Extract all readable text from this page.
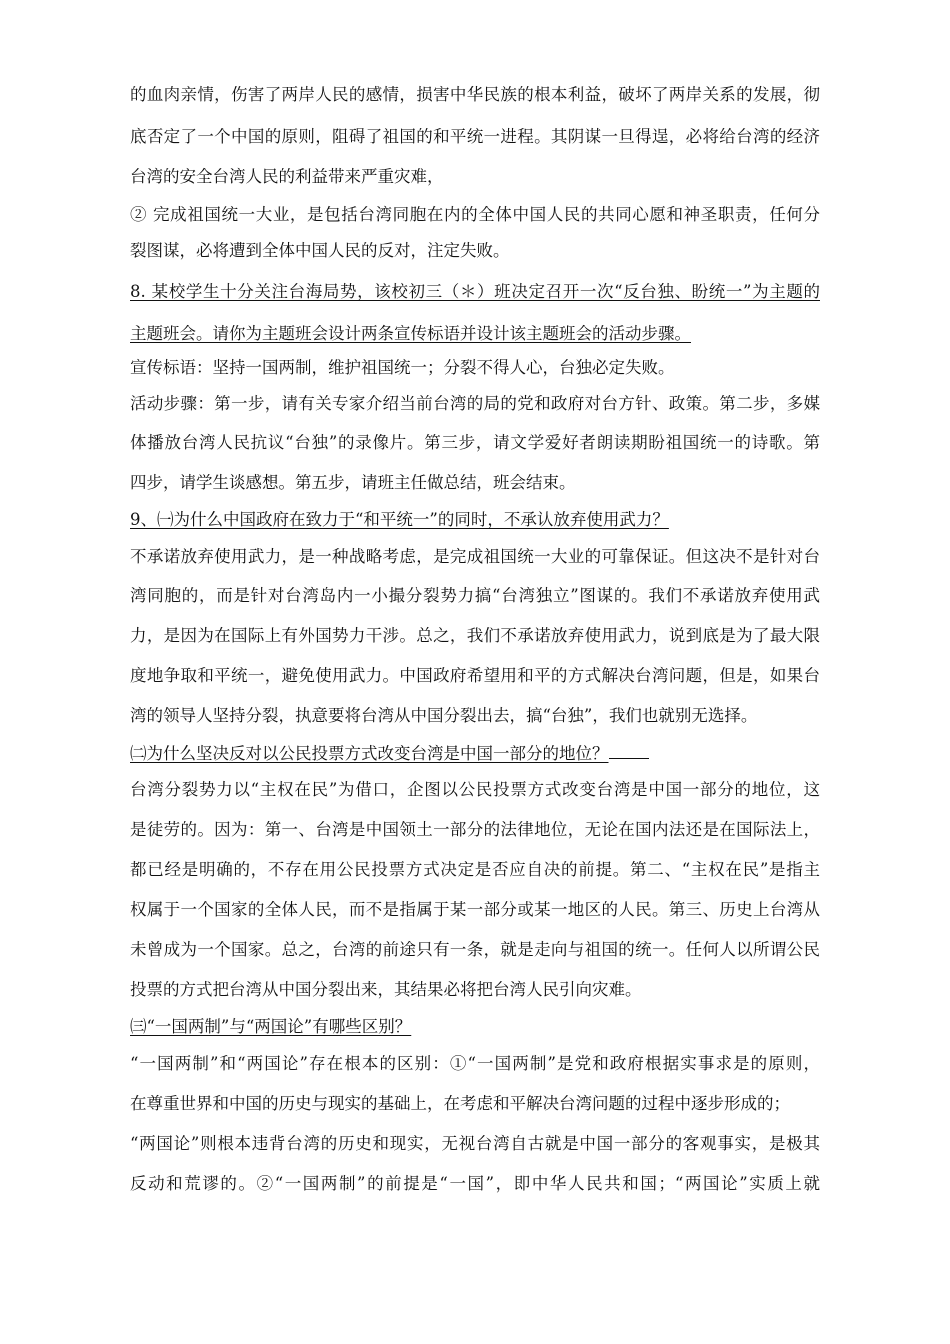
的血肉亲情，伤害了两岸人民的感情，损害中华民族的根本利益，破坏了两岸关系的发展，彻
底否定了一个中国的原则，阻碍了祖国的和平统一进程。其阴谋一旦得逞，必将给台湾的经济
台湾的安全台湾人民的利益带来严重灾难，
② 完成祖国统一大业，是包括台湾同胞在内的全体中国人民的共同心愿和神圣职责，任何分
裂图谋，必将遭到全体中国人民的反对，注定失败。
8. 某校学生十分关注台海局势，该校初三（＊）班决定召开一次“反台独、盼统一”为主题的
主题班会。请你为主题班会设计两条宣传标语并设计该主题班会的活动步骤。
宣传标语：坚持一国两制，维护祖国统一；分裂不得人心，台独必定失败。
活动步骤：第一步，请有关专家介绍当前台湾的局的党和政府对台方针、政策。第二步，多媒
体播放台湾人民抗议“台独”的录像片。第三步，请文学爱好者朗读期盼祖国统一的诗歌。第
四步，请学生谈感想。第五步，请班主任做总结，班会结束。
9、㈠为什么中国政府在致力于“和平统一”的同时，不承认放弃使用武力？
不承诺放弃使用武力，是一种战略考虑，是完成祖国统一大业的可靠保证。但这决不是针对台
湾同胞的，而是针对台湾岛内一小撮分裂势力搞“台湾独立”图谋的。我们不承诺放弃使用武
力，是因为在国际上有外国势力干涉。总之，我们不承诺放弃使用武力，说到底是为了最大限
度地争取和平统一，避免使用武力。中国政府希望用和平的方式解决台湾问题，但是，如果台
湾的领导人坚持分裂，执意要将台湾从中国分裂出去，搞“台独”，我们也就别无选择。
㈡为什么坚决反对以公民投票方式改变台湾是中国一部分的地位？
台湾分裂势力以“主权在民”为借口，企图以公民投票方式改变台湾是中国一部分的地位，这
是徒劳的。因为：第一、台湾是中国领土一部分的法律地位，无论在国内法还是在国际法上，
都已经是明确的，不存在用公民投票方式决定是否应自决的前提。第二、“主权在民”是指主
权属于一个国家的全体人民，而不是指属于某一部分或某一地区的人民。第三、历史上台湾从
未曾成为一个国家。总之，台湾的前途只有一条，就是走向与祖国的统一。任何人以所谓公民
投票的方式把台湾从中国分裂出来，其结果必将把台湾人民引向灾难。
㈢“一国两制”与“两国论”有哪些区别？
“一国两制”和“两国论”存在根本的区别：①“一国两制”是党和政府根据实事求是的原则，
在尊重世界和中国的历史与现实的基础上，在考虑和平解决台湾问题的过程中逐步形成的；
“两国论”则根本违背台湾的历史和现实，无视台湾自古就是中国一部分的客观事实，是极其
反动和荒谬的。②“一国两制”的前提是“一国”，即中华人民共和国；“两国论”实质上就
